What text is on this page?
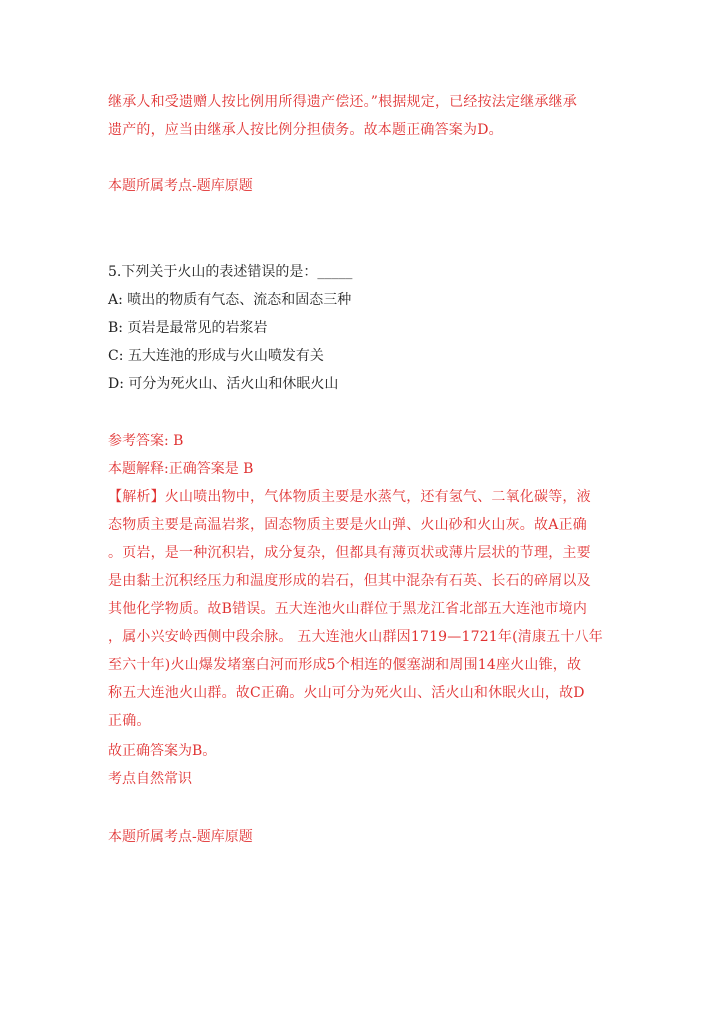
继承人和受遗赠人按比例用所得遗产偿还。”根据规定，已经按法定继承继承
遗产的，应当由继承人按比例分担债务。故本题正确答案为D。

本题所属考点-题库原题

5.下列关于火山的表述错误的是：_____

A: 喷出的物质有气态、流态和固态三种

B: 页岩是最常见的岩浆岩

C: 五大连池的形成与火山喷发有关

D: 可分为死火山、活火山和休眠火山

参考答案: B

本题解释:正确答案是 B

【解析】火山喷出物中，气体物质主要是水蒸气，还有氢气、二氧化碳等，液
态物质主要是高温岩浆，固态物质主要是火山弹、火山砂和火山灰。故A正确
。页岩，是一种沉积岩，成分复杂，但都具有薄页状或薄片层状的节理，主要
是由黏土沉积经压力和温度形成的岩石，但其中混杂有石英、长石的碎屑以及
其他化学物质。故B错误。五大连池火山群位于黑龙江省北部五大连池市境内
，属小兴安岭西侧中段余脉。 五大连池火山群因1719—1721年(清康五十八年
至六十年)火山爆发堵塞白河而形成5个相连的偃塞湖和周围14座火山锥，故
称五大连池火山群。故C正确。火山可分为死火山、活火山和休眠火山，故D
正确。

故正确答案为B。

考点自然常识

本题所属考点-题库原题
